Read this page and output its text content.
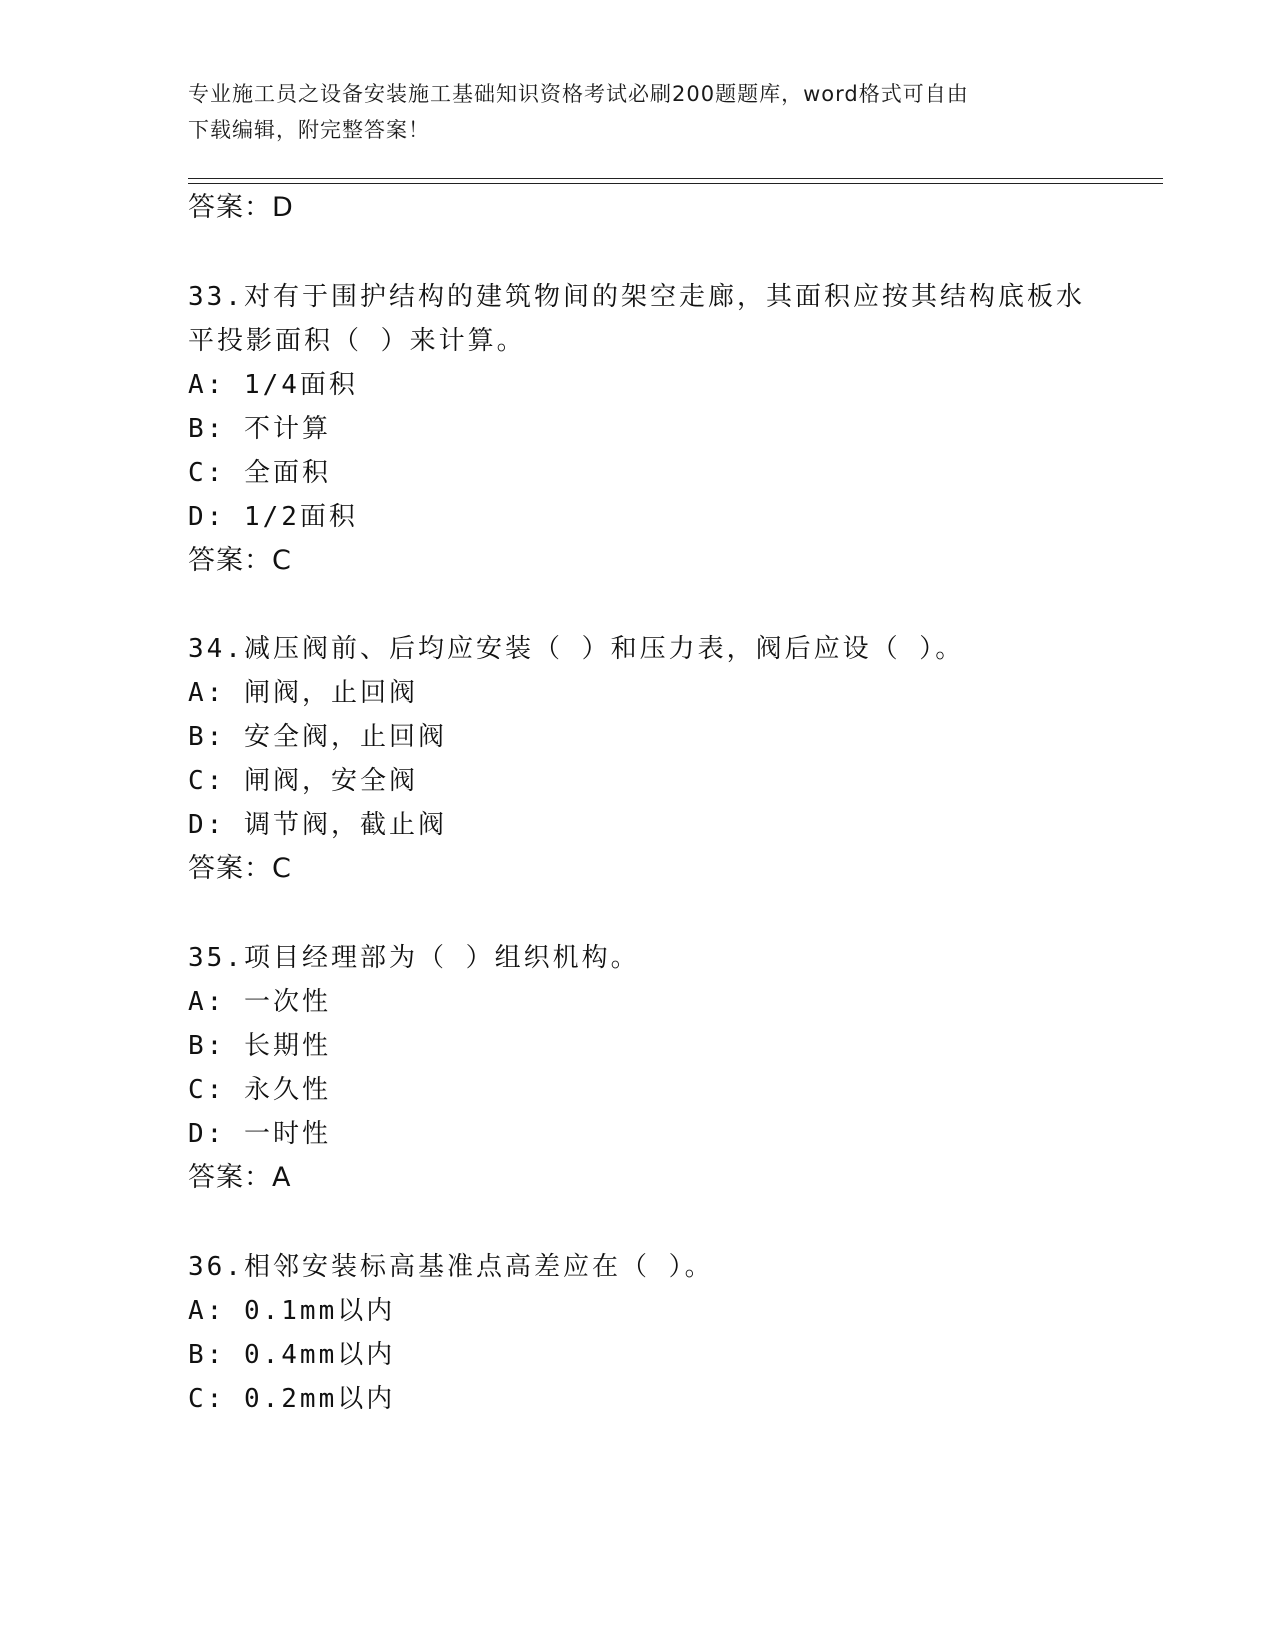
专业施工员之设备安装施工基础知识资格考试必刷200题题库，word格式可自由
下载编辑，附完整答案！
答案：D
33.对有于围护结构的建筑物间的架空走廊，其面积应按其结构底板水
平投影面积（ ）来计算。
A: 1/4面积
B: 不计算
C: 全面积
D: 1/2面积
答案：C
34.减压阀前、后均应安装（ ）和压力表，阀后应设（ ）。
A: 闸阀，止回阀
B: 安全阀，止回阀
C: 闸阀，安全阀
D: 调节阀，截止阀
答案：C
35.项目经理部为（ ）组织机构。
A: 一次性
B: 长期性
C: 永久性
D: 一时性
答案：A
36.相邻安装标高基准点高差应在（ ）。
A: 0.1mm以内
B: 0.4mm以内
C: 0.2mm以内
